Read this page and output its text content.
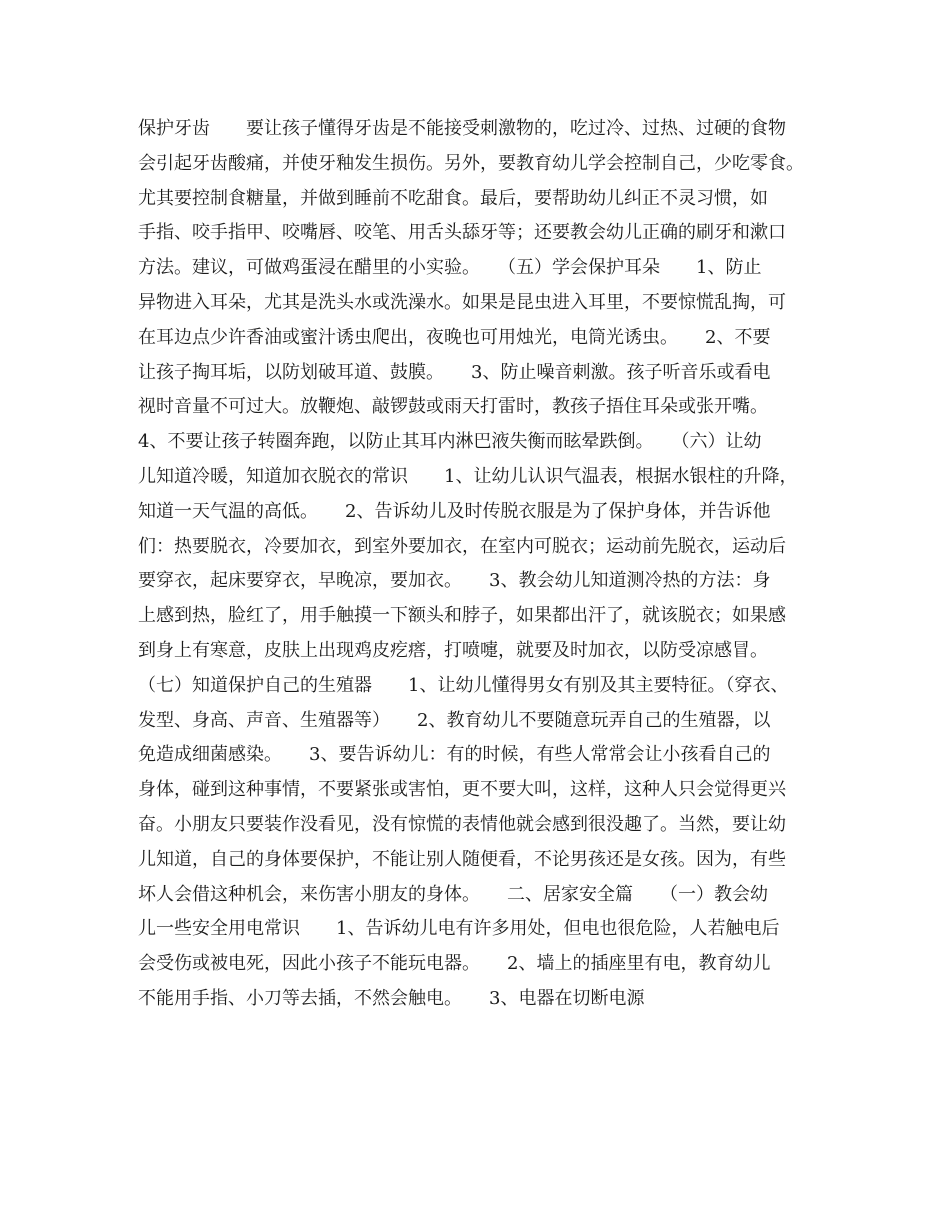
保护牙齿　　要让孩子懂得牙齿是不能接受刺激物的，吃过冷、过热、过硬的食物
会引起牙齿酸痛，并使牙釉发生损伤。另外，要教育幼儿学会控制自己，少吃零食。
尤其要控制食糖量，并做到睡前不吃甜食。最后，要帮助幼儿纠正不灵习惯，如
手指、咬手指甲、咬嘴唇、咬笔、用舌头舔牙等；还要教会幼儿正确的刷牙和漱口
方法。建议，可做鸡蛋浸在醋里的小实验。　　（五）学会保护耳朵　　1、防止
异物进入耳朵，尤其是洗头水或洗澡水。如果是昆虫进入耳里，不要惊慌乱掏，可
在耳边点少许香油或蜜汁诱虫爬出，夜晚也可用烛光，电筒光诱虫。　　2、不要
让孩子掏耳垢，以防划破耳道、鼓膜。　　3、防止噪音刺激。孩子听音乐或看电
视时音量不可过大。放鞭炮、敲锣鼓或雨天打雷时，教孩子捂住耳朵或张开嘴。
4、不要让孩子转圈奔跑，以防止其耳内淋巴液失衡而眩晕跌倒。　　（六）让幼
儿知道冷暖，知道加衣脱衣的常识　　1、让幼儿认识气温表，根据水银柱的升降，
知道一天气温的高低。　　2、告诉幼儿及时传脱衣服是为了保护身体，并告诉他
们：热要脱衣，冷要加衣，到室外要加衣，在室内可脱衣；运动前先脱衣，运动后
要穿衣，起床要穿衣，早晚凉，要加衣。　　3、教会幼儿知道测冷热的方法：身
上感到热，脸红了，用手触摸一下额头和脖子，如果都出汗了，就该脱衣；如果感
到身上有寒意，皮肤上出现鸡皮疙瘩，打喷嚏，就要及时加衣，以防受凉感冒。
（七）知道保护自己的生殖器　　1、让幼儿懂得男女有别及其主要特征。（穿衣、
发型、身高、声音、生殖器等）　　2、教育幼儿不要随意玩弄自己的生殖器，以
免造成细菌感染。　　3、要告诉幼儿：有的时候，有些人常常会让小孩看自己的
身体，碰到这种事情，不要紧张或害怕，更不要大叫，这样，这种人只会觉得更兴
奋。小朋友只要装作没看见，没有惊慌的表情他就会感到很没趣了。当然，要让幼
儿知道，自己的身体要保护，不能让别人随便看，不论男孩还是女孩。因为，有些
坏人会借这种机会，来伤害小朋友的身体。　　二、居家安全篇　　（一）教会幼
儿一些安全用电常识　　1、告诉幼儿电有许多用处，但电也很危险，人若触电后
会受伤或被电死，因此小孩子不能玩电器。　　2、墙上的插座里有电，教育幼儿
不能用手指、小刀等去插，不然会触电。　　3、电器在切断电源
